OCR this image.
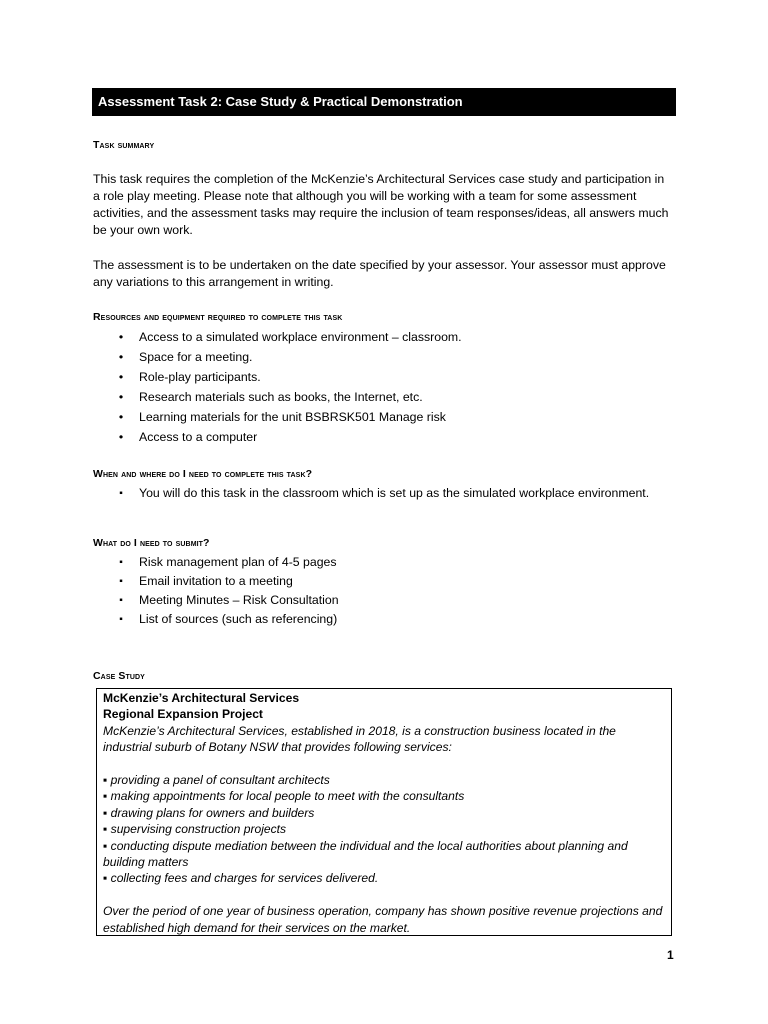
Assessment Task 2: Case Study & Practical Demonstration
Task summary

This task requires the completion of the McKenzie’s Architectural Services case study and participation in a role play meeting. Please note that although you will be working with a team for some assessment activities, and the assessment tasks may require the inclusion of team responses/ideas, all answers much be your own work.

The assessment is to be undertaken on the date specified by your assessor. Your assessor must approve any variations to this arrangement in writing.

Resources and equipment required to complete this task
•	Access to a simulated workplace environment – classroom.
•	Space for a meeting.
•	Role-play participants.
•	Research materials such as books, the Internet, etc.
•	Learning materials for the unit BSBRSK501 Manage risk
•	Access to a computer
When and where do I need to complete this task?
▪	You will do this task in the classroom which is set up as the simulated workplace environment.
What do I need to submit?
▪	Risk management plan of 4-5 pages
▪	Email invitation to a meeting
▪	Meeting Minutes – Risk Consultation
▪	List of sources (such as referencing)
Case Study
McKenzie’s Architectural Services
Regional Expansion Project

McKenzie’s Architectural Services, established in 2018, is a construction business located in the industrial suburb of Botany NSW that provides following services:

▪ providing a panel of consultant architects

▪ making appointments for local people to meet with the consultants

▪ drawing plans for owners and builders

▪ supervising construction projects

▪ conducting dispute mediation between the individual and the local authorities about planning and building matters

▪ collecting fees and charges for services delivered.

Over the period of one year of business operation, company has shown positive revenue projections and established high demand for their services on the market.

1
